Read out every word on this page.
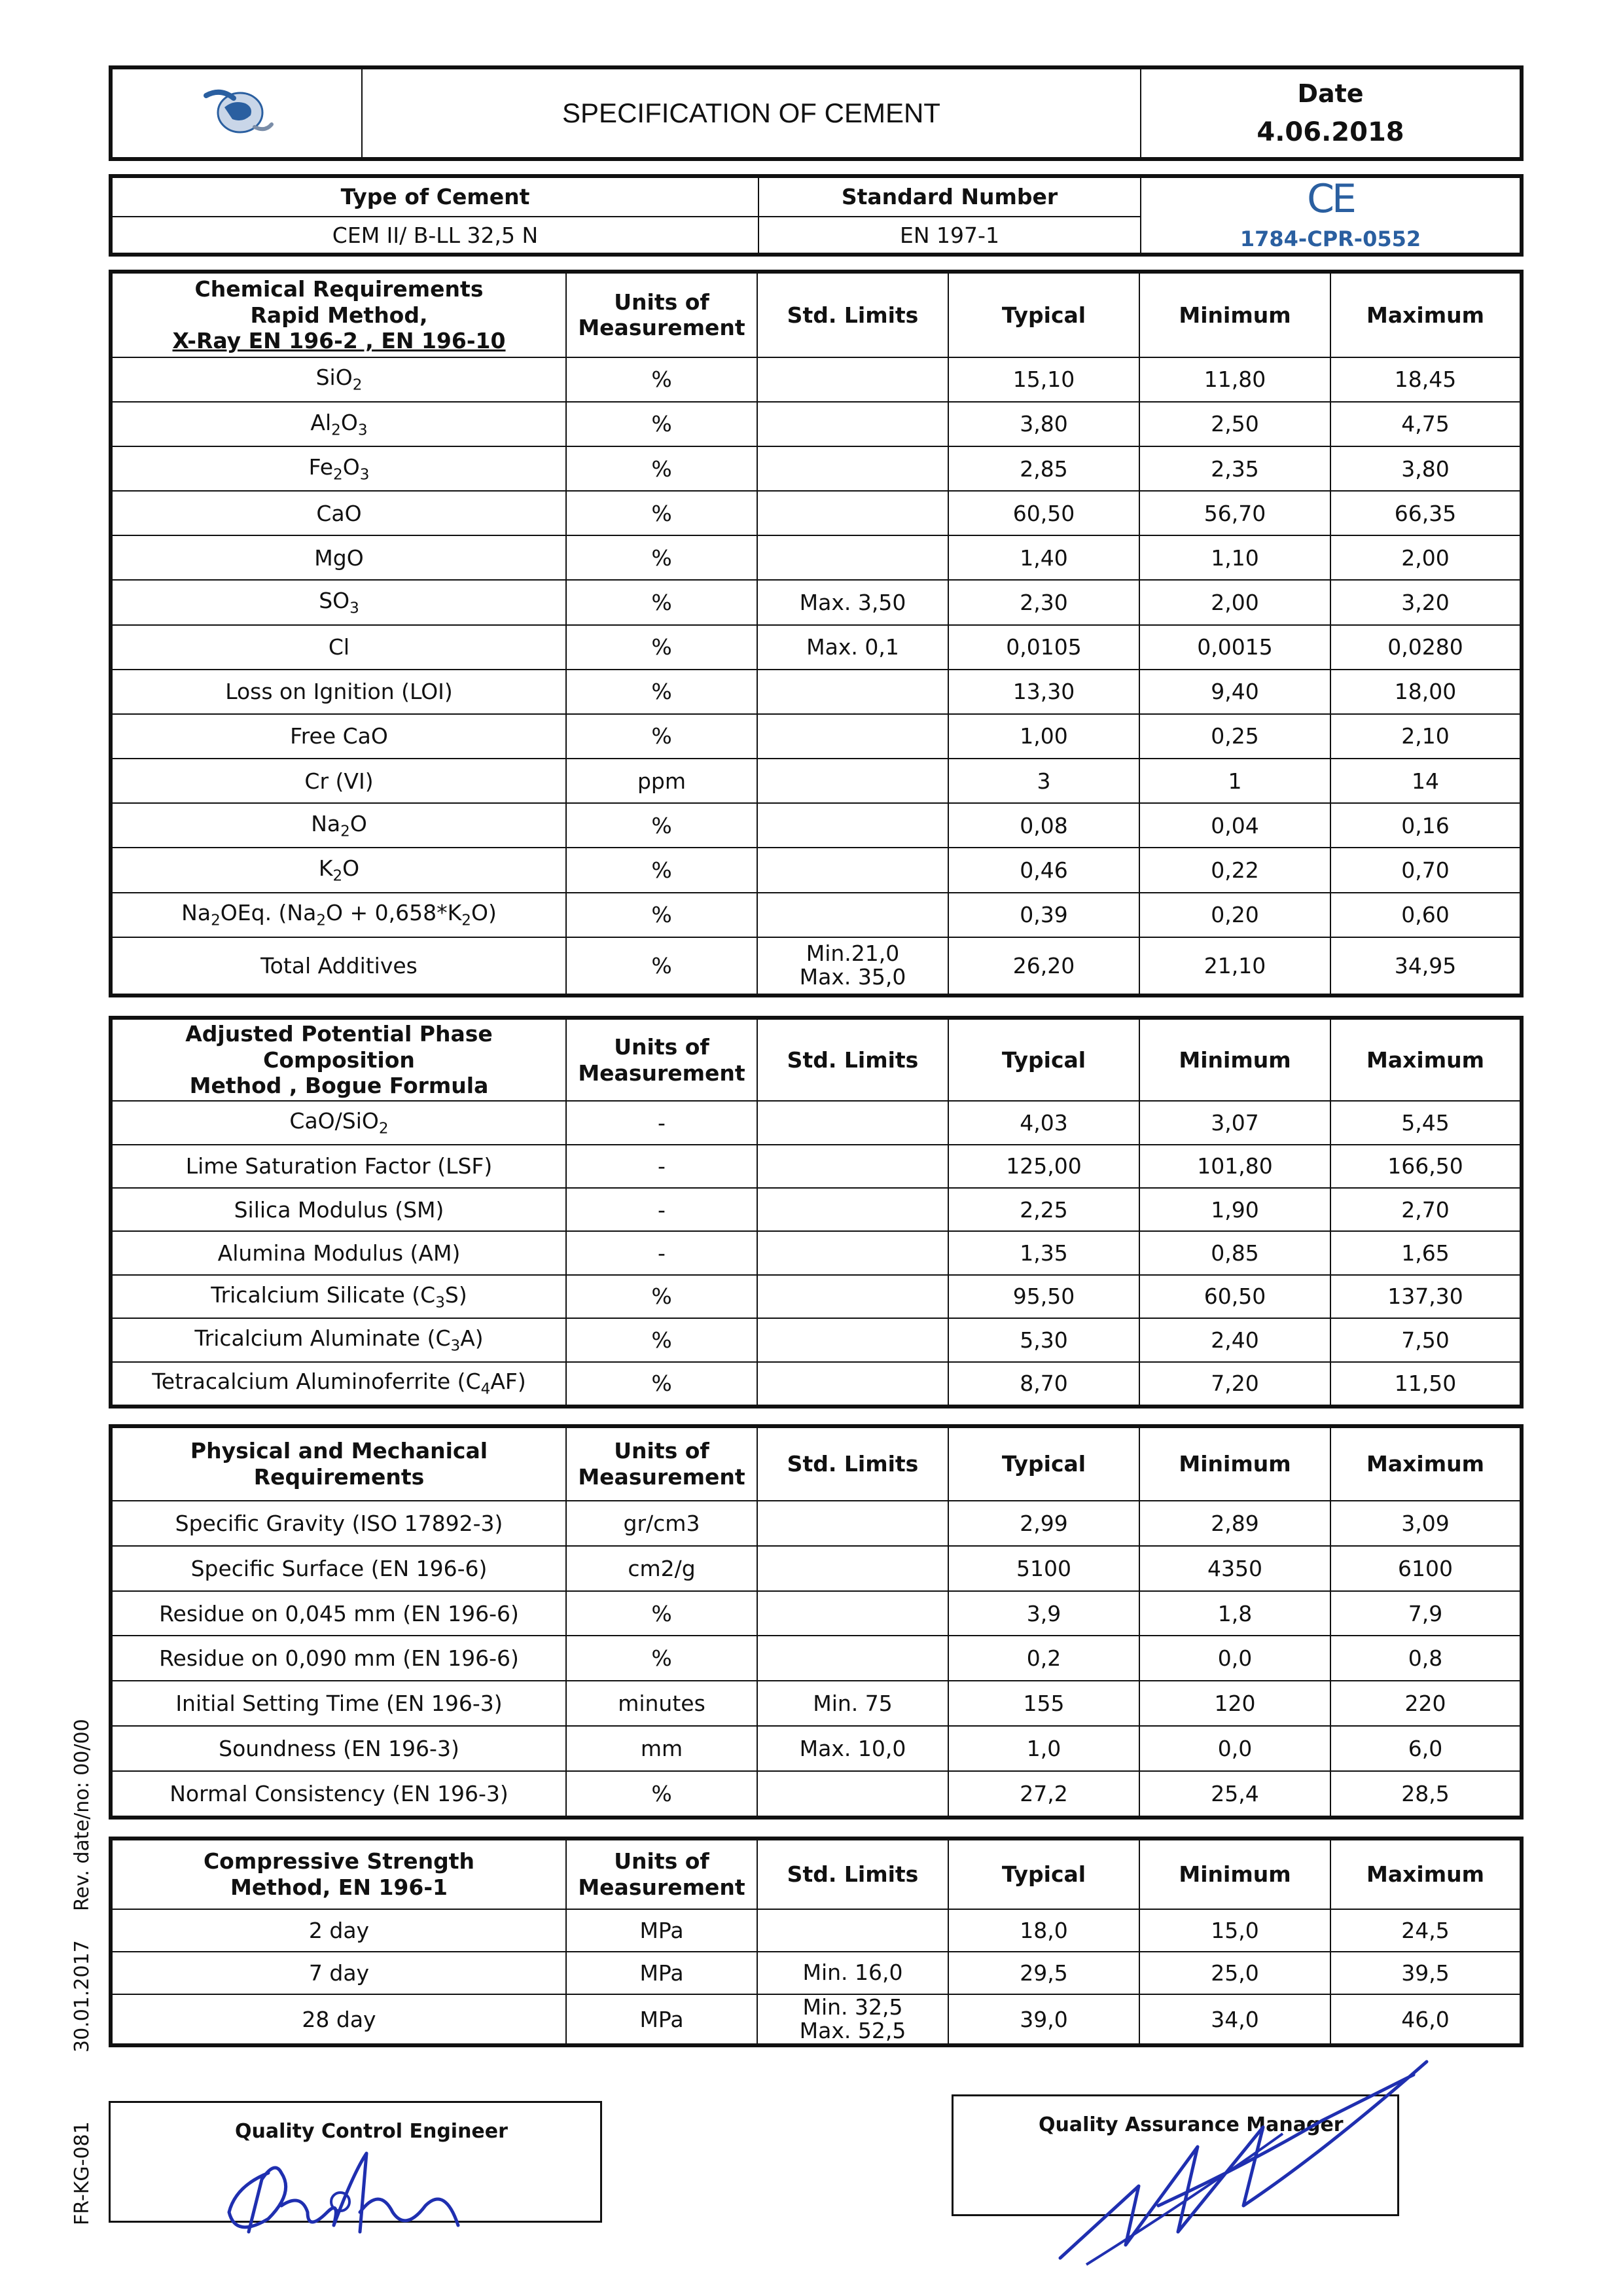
	SPECIFICATION OF CEMENT	
Date
4.06.2018
Type of Cement	Standard Number	CE
1784-CPR-0552

CEM II/ B-LL 32,5 N	EN 197-1	
Chemical Requirements
Rapid Method,
X-Ray EN 196-2 , EN 196-10	Units of Measurement	Std. Limits	Typical	Minimum	Maximum
SiO$_2$	%		15,10	11,80	18,45
$Al_2O_3$	%		3,80	2,50	4,75
$Fe_2O_3$	%		2,85	2,35	3,80
CaO	%		60,50	56,70	66,35
MgO	%		1,40	1,10	2,00
$SO_3$	%	Max. 3,50	2,30	2,00	3,20
Cl	%	Max. 0,1	0,0105	0,0015	0,0280
Loss on Ignition (LOI)	%		13,30	9,40	18,00
Free CaO	%		1,00	0,25	2,10
Cr (VI)	ppm		3	1	14
$Na_2O$	%		0,08	0,04	0,16
$K_2O$	%		0,46	0,22	0,70
$Na_2OEq$. $(Na_2O + 0,658*K_2O)$	%		0,39	0,20	0,60
Total Additives	%	Min.21,0
Max. 35,0	26,20	21,10	34,95
Adjusted Potential Phase Composition
Method , Bogue Formula	Units of Measurement	Std. Limits	Typical	Minimum	Maximum
CaO/SiO$_2$	-		4,03	3,07	5,45
Lime Saturation Factor (LSF)	-		125,00	101,80	166,50
Silica Modulus (SM)	-		2,25	1,90	2,70
Alumina Modulus (AM)	-		1,35	0,85	1,65
Tricalcium Silicate $(C_3S)$	%		95,50	60,50	137,30
Tricalcium Aluminate $(C_3A)$	%		5,30	2,40	7,50
Tetracalcium Aluminoferrite $(C_4AF)$	%		8,70	7,20	11,50
Physical and Mechanical Requirements	Units of Measurement	Std. Limits	Typical	Minimum	Maximum
Specific Gravity (ISO 17892-3)	gr/cm3		2,99	2,89	3,09
Specific Surface (EN 196-6)	cm2/g		5100	4350	6100
Residue on 0,045 mm (EN 196-6)	%		3,9	1,8	7,9
Residue on 0,090 mm (EN 196-6)	%		0,2	0,0	0,8
Initial Setting Time (EN 196-3)	minutes	Min. 75	155	120	220
Soundness (EN 196-3)	mm	Max. 10,0	1,0	0,0	6,0
Normal Consistency (EN 196-3)	%		27,2	25,4	28,5
Compressive Strength
Method, EN 196-1	Units of Measurement	Std. Limits	Typical	Minimum	Maximum
2 day	MPa		18,0	15,0	24,5
7 day	MPa	Min. 16,0	29,5	25,0	39,5
28 day	MPa	Min. 32,5
Max. 52,5	39,0	34,0	46,0
Quality Control Engineer	Quality Assurance Manager
Rev. date/no: 00/00
30.01.2017
FR-KG-081
